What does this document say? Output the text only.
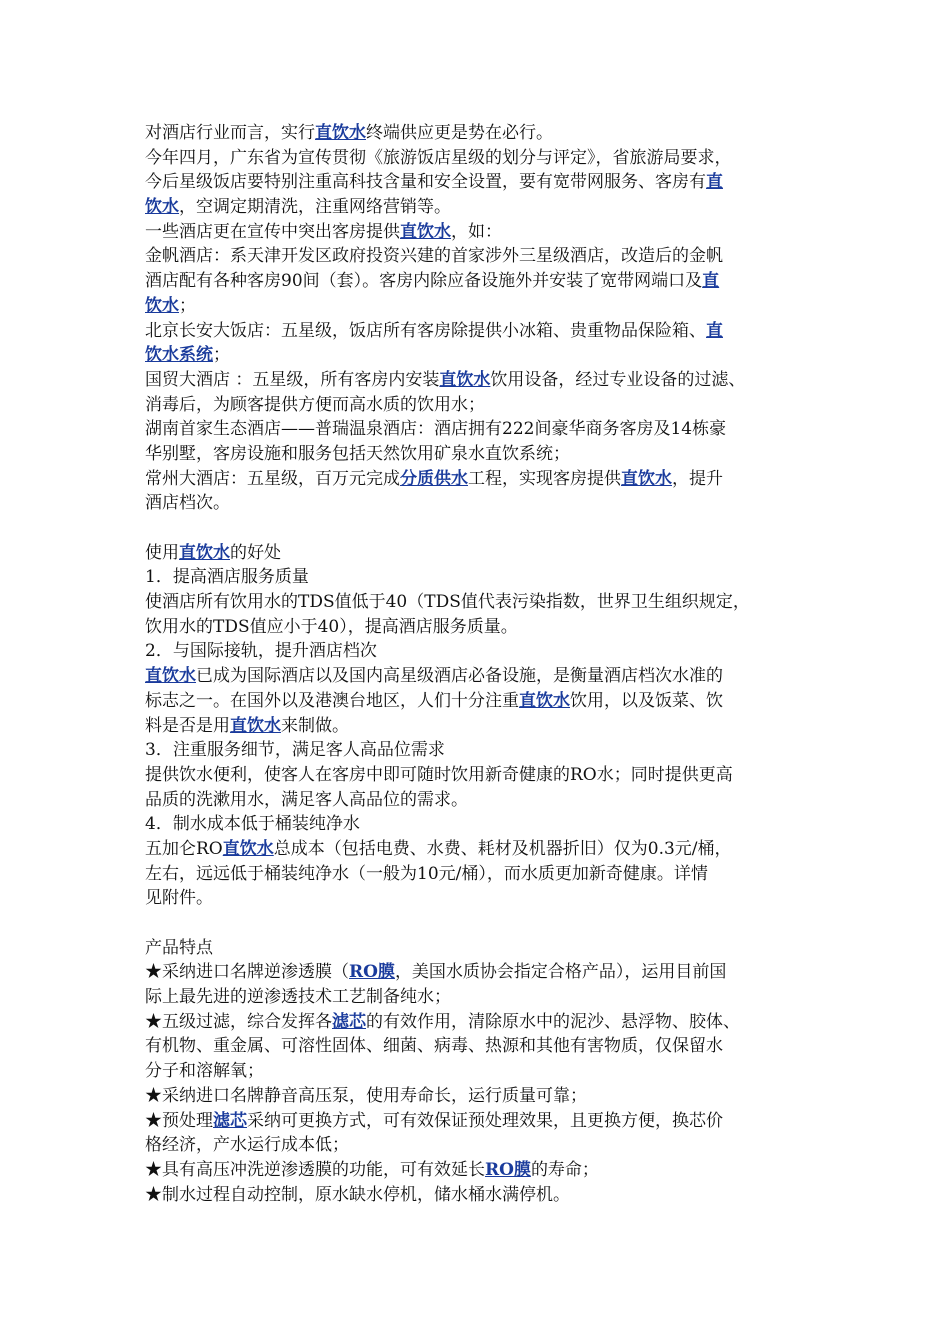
对酒店行业而言，实行直饮水终端供应更是势在必行。
今年四月，广东省为宣传贯彻《旅游饭店星级的划分与评定》，省旅游局要求，
今后星级饭店要特别注重高科技含量和安全设置，要有宽带网服务、客房有直
饮水，空调定期清洗，注重网络营销等。
一些酒店更在宣传中突出客房提供直饮水，如：
金帆酒店：系天津开发区政府投资兴建的首家涉外三星级酒店，改造后的金帆
酒店配有各种客房90间（套）。客房内除应备设施外并安装了宽带网端口及直
饮水；
北京长安大饭店：五星级，饭店所有客房除提供小冰箱、贵重物品保险箱、直
饮水系统；
国贸大酒店 ：五星级，所有客房内安装直饮水饮用设备，经过专业设备的过滤、
消毒后，为顾客提供方便而高水质的饮用水；
湖南首家生态酒店——普瑞温泉酒店：酒店拥有222间豪华商务客房及14栋豪
华别墅，客房设施和服务包括天然饮用矿泉水直饮系统；
常州大酒店：五星级，百万元完成分质供水工程，实现客房提供直饮水，提升
酒店档次。
使用直饮水的好处
1．提高酒店服务质量
使酒店所有饮用水的TDS值低于40（TDS值代表污染指数，世界卫生组织规定，
饮用水的TDS值应小于40），提高酒店服务质量。
2．与国际接轨，提升酒店档次
直饮水已成为国际酒店以及国内高星级酒店必备设施，是衡量酒店档次水准的
标志之一。在国外以及港澳台地区，人们十分注重直饮水饮用，以及饭菜、饮
料是否是用直饮水来制做。
3．注重服务细节，满足客人高品位需求
提供饮水便利，使客人在客房中即可随时饮用新奇健康的RO水；同时提供更高
品质的洗漱用水，满足客人高品位的需求。
4．制水成本低于桶装纯净水
五加仑RO直饮水总成本（包括电费、水费、耗材及机器折旧）仅为0.3元/桶，
左右，远远低于桶装纯净水（一般为10元/桶），而水质更加新奇健康。详情
见附件。
产品特点
★采纳进口名牌逆渗透膜（RO膜，美国水质协会指定合格产品），运用目前国
际上最先进的逆渗透技术工艺制备纯水；
★五级过滤，综合发挥各滤芯的有效作用，清除原水中的泥沙、悬浮物、胶体、
有机物、重金属、可溶性固体、细菌、病毒、热源和其他有害物质，仅保留水
分子和溶解氧；
★采纳进口名牌静音高压泵，使用寿命长，运行质量可靠；
★预处理滤芯采纳可更换方式，可有效保证预处理效果，且更换方便，换芯价
格经济，产水运行成本低；
★具有高压冲洗逆渗透膜的功能，可有效延长RO膜的寿命；
★制水过程自动控制，原水缺水停机，储水桶水满停机。
